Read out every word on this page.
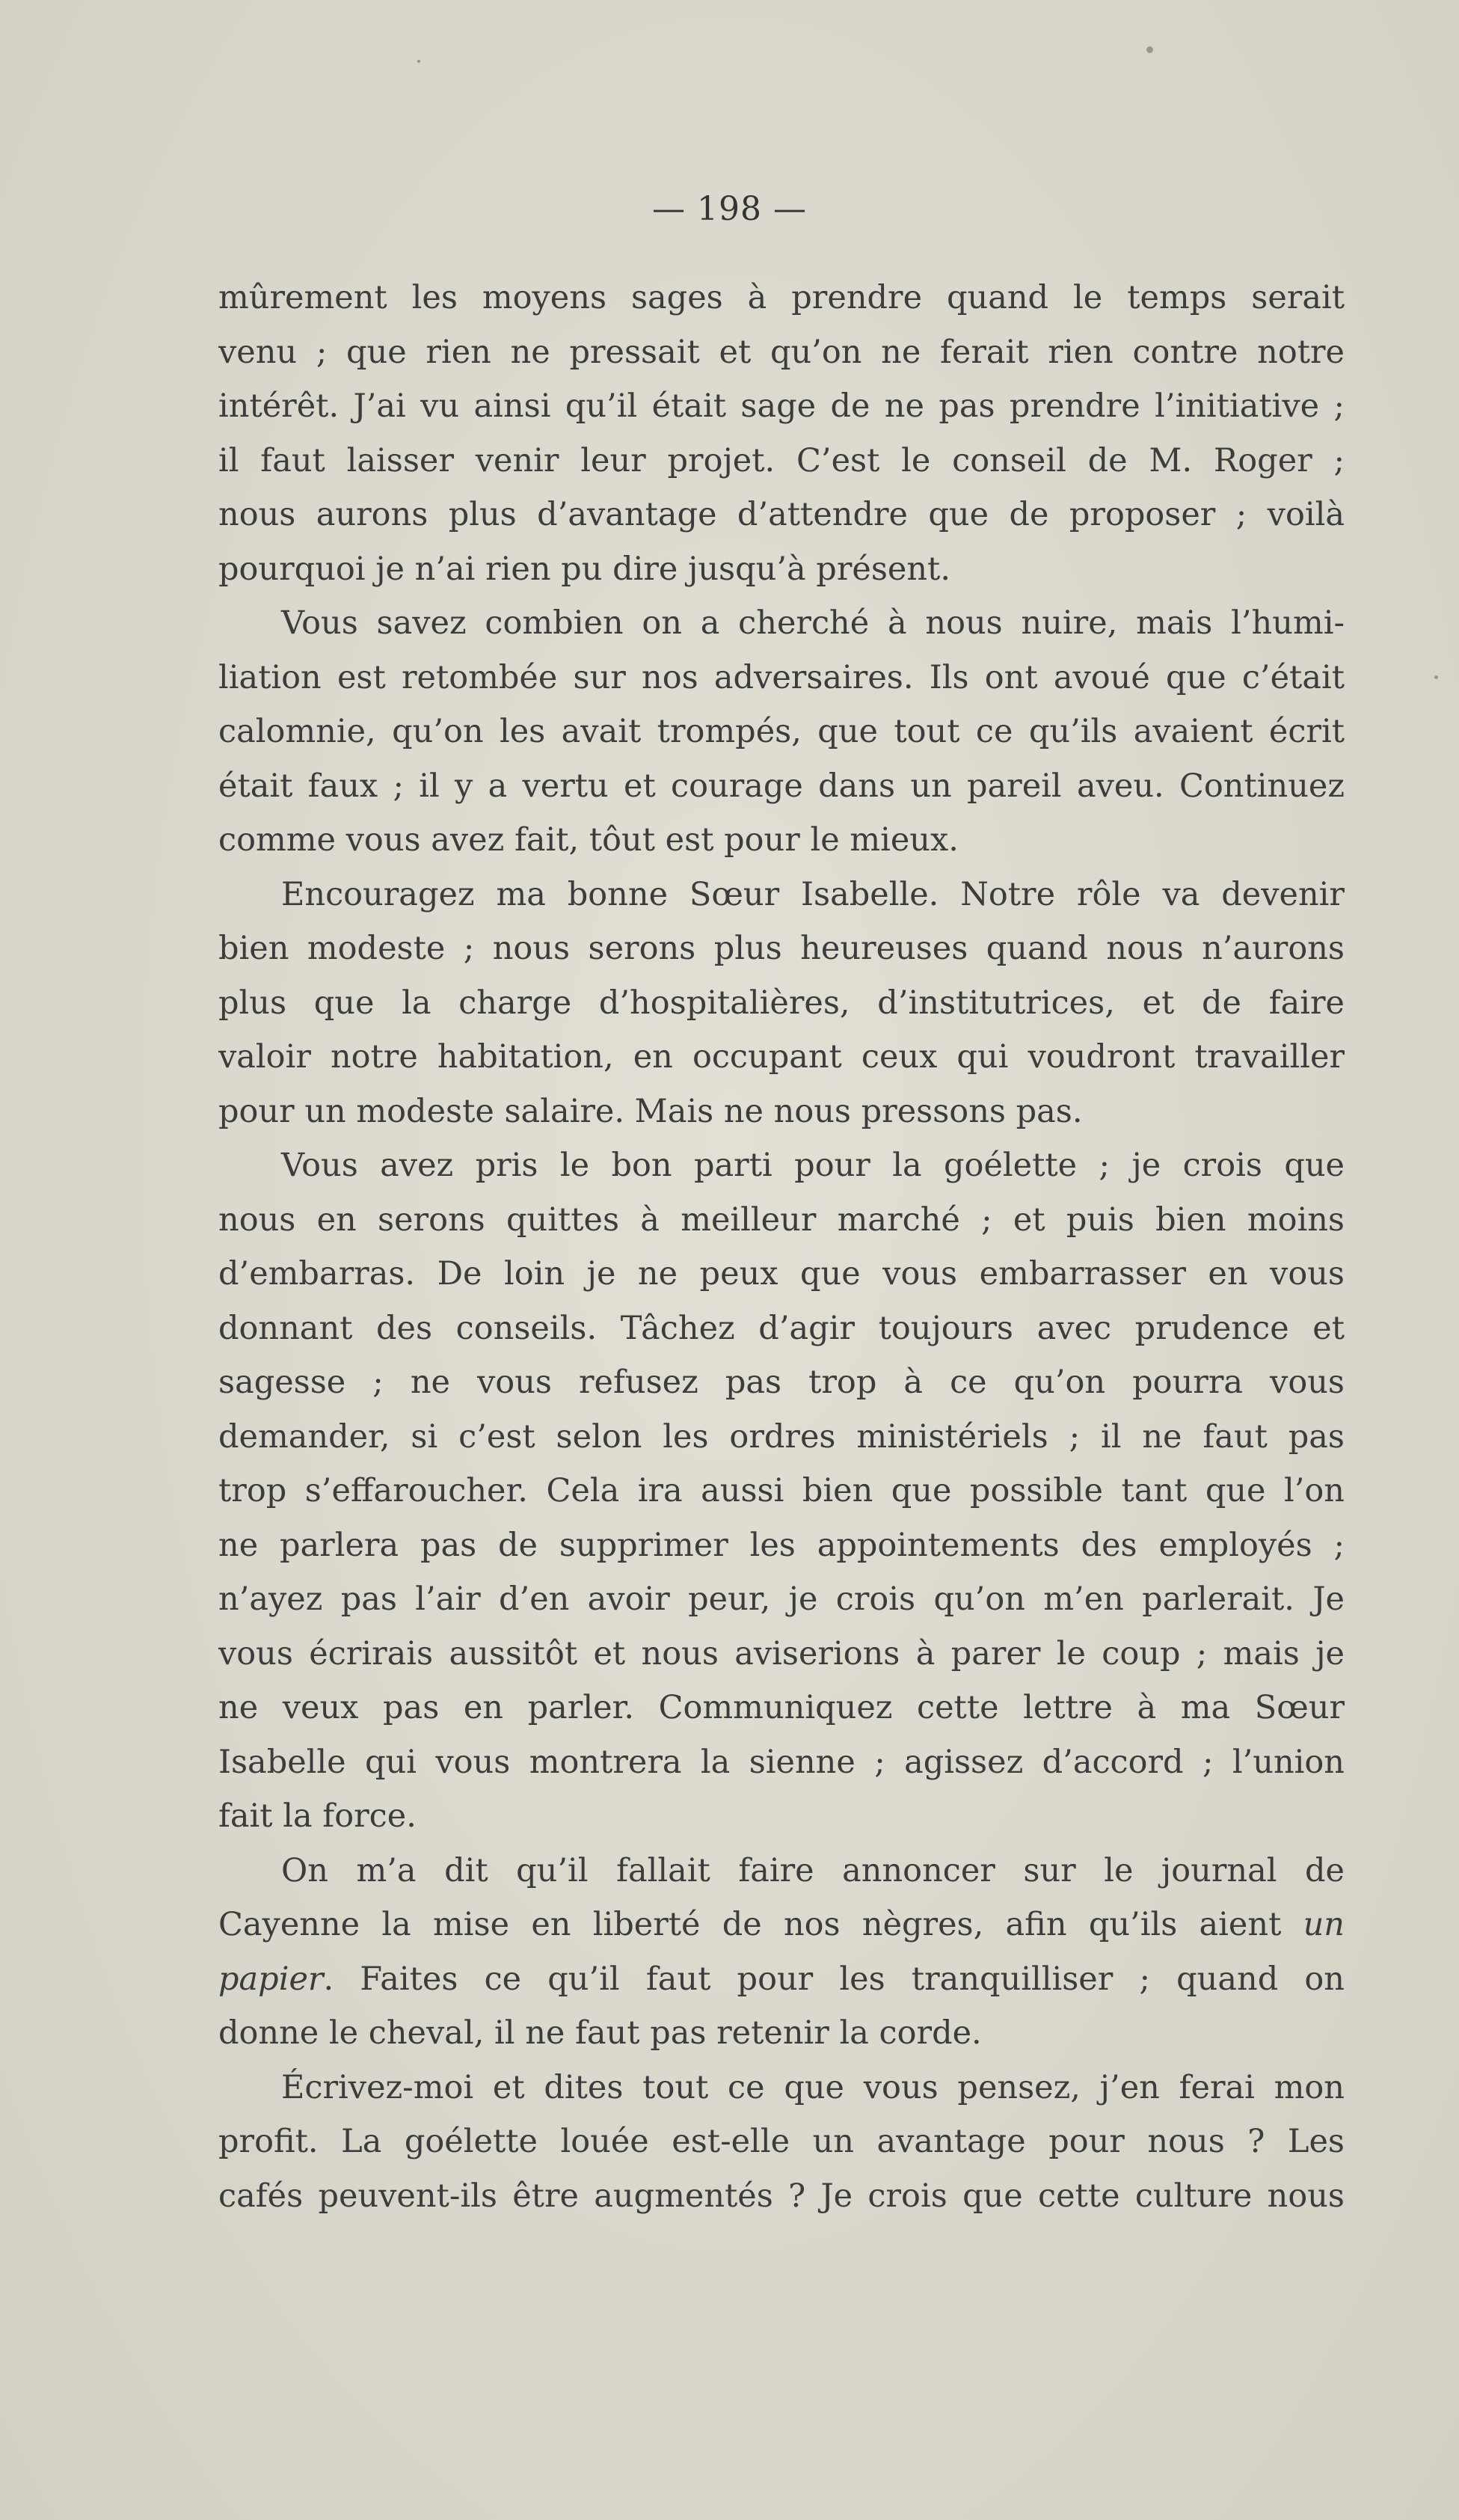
— 198 —
mûrement les moyens sages à prendre quand le temps serait
venu ; que rien ne pressait et qu’on ne ferait rien contre notre
intérêt. J’ai vu ainsi qu’il était sage de ne pas prendre l’initiative ;
il faut laisser venir leur projet. C’est le conseil de M. Roger ;
nous aurons plus d’avantage d’attendre que de proposer ; voilà
pourquoi je n’ai rien pu dire jusqu’à présent.
Vous savez combien on a cherché à nous nuire, mais l’humi-
liation est retombée sur nos adversaires. Ils ont avoué que c’était
calomnie, qu’on les avait trompés, que tout ce qu’ils avaient écrit
était faux ; il y a vertu et courage dans un pareil aveu. Continuez
comme vous avez fait, tôut est pour le mieux.
Encouragez ma bonne Sœur Isabelle. Notre rôle va devenir
bien modeste ; nous serons plus heureuses quand nous n’aurons
plus que la charge d’hospitalières, d’institutrices, et de faire
valoir notre habitation, en occupant ceux qui voudront travailler
pour un modeste salaire. Mais ne nous pressons pas.
Vous avez pris le bon parti pour la goélette ; je crois que
nous en serons quittes à meilleur marché ; et puis bien moins
d’embarras. De loin je ne peux que vous embarrasser en vous
donnant des conseils. Tâchez d’agir toujours avec prudence et
sagesse ; ne vous refusez pas trop à ce qu’on pourra vous
demander, si c’est selon les ordres ministériels ; il ne faut pas
trop s’effaroucher. Cela ira aussi bien que possible tant que l’on
ne parlera pas de supprimer les appointements des employés ;
n’ayez pas l’air d’en avoir peur, je crois qu’on m’en parlerait. Je
vous écrirais aussitôt et nous aviserions à parer le coup ; mais je
ne veux pas en parler. Communiquez cette lettre à ma Sœur
Isabelle qui vous montrera la sienne ; agissez d’accord ; l’union
fait la force.
On m’a dit qu’il fallait faire annoncer sur le journal de
Cayenne la mise en liberté de nos nègres, afin qu’ils aient un
papier. Faites ce qu’il faut pour les tranquilliser ; quand on
donne le cheval, il ne faut pas retenir la corde.
Écrivez-moi et dites tout ce que vous pensez, j’en ferai mon
profit. La goélette louée est-elle un avantage pour nous ? Les
cafés peuvent-ils être augmentés ? Je crois que cette culture nous
